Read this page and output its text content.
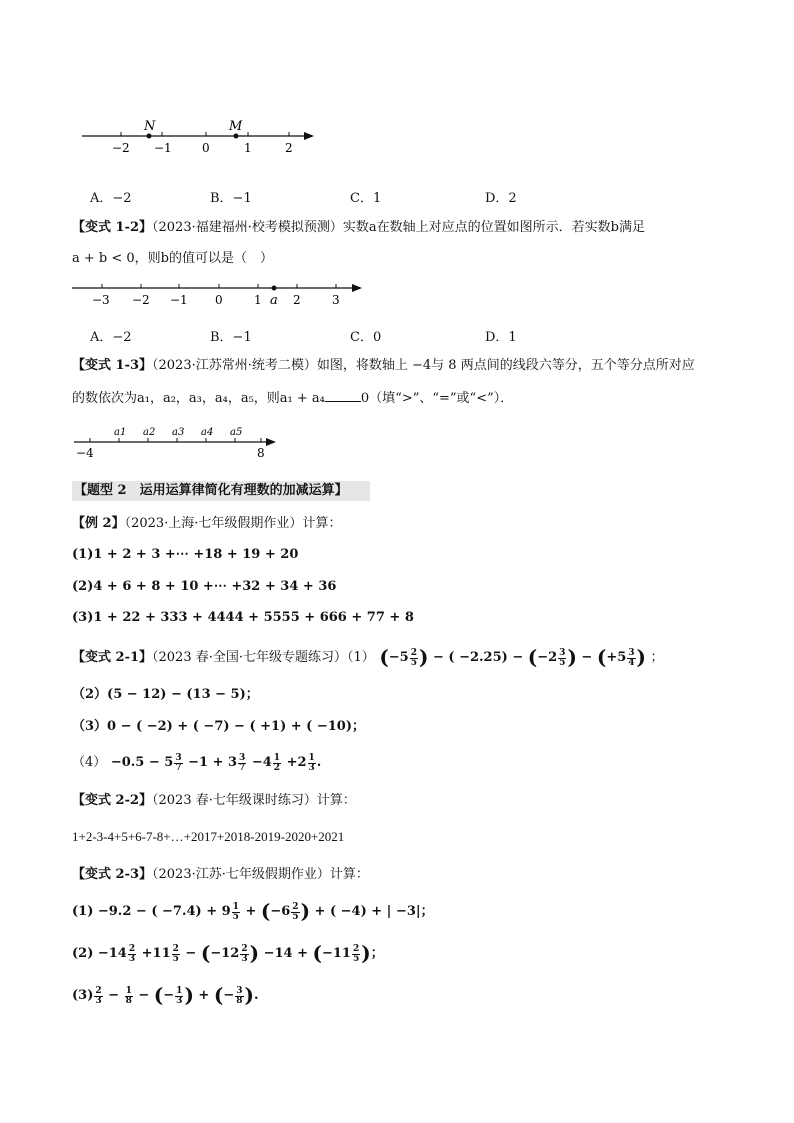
N	M
−2 −1	0	1	2
A．−2	B．−1	C．1	D．2
【变式 1-2】（2023·福建福州·校考模拟预测）实数a在数轴上对应点的位置如图所示．若实数b满足
a + b < 0，则b的值可以是（　）
−3 −2 −1 0	1 a 2	3
A．−2	B．−1	C．0	D．1
【变式 1-3】（2023·江苏常州·统考二模）如图，将数轴上 −4与 8 两点间的线段六等分，五个等分点所对应
的数依次为a₁，a₂，a₃，a₄，a₅，则a₁ + a₄	0（填“>”、“=”或“<”）．
a1 a2 a3 a4 a5
−4	8
【题型 2　运用运算律简化有理数的加减运算】
【例 2】（2023·上海·七年级假期作业）计算：
(1)1 + 2 + 3 +⋯ +18 + 19 + 20
(2)4 + 6 + 8 + 10 +⋯ +32 + 34 + 36
(3)1 + 22 + 333 + 4444 + 5555 + 666 + 77 + 8
【变式 2-1】（2023 春·全国·七年级专题练习）（1） ($-5 \frac{2}{5}$ ) − ( $-2.25) - (-2 \frac{3}{5}$ ) − ($+5 \frac{3}{4}$ ) ；
（2）(5 − 12) − (13 − 5)；
（3）0 − ( −2) + ( −7) − ( +1) + ( −10)；
$(4) -0.5 - 5 \frac{3}{7} -1 + 3 \frac{3}{7} -4 \frac{1}{2} +2 \frac{1}{3}$ .
【变式 2-2】（2023 春·七年级课时练习）计算：
1+2-3-4+5+6-7-8+…+2017+2018-2019-2020+2021
【变式 2-3】（2023·江苏·七年级假期作业）计算：
(1) −9.2 − ( $-7.4) + 9 \frac{1}{5} + (-6 \frac{2}{5}$ ) + ( −4) + | −3|；
$(2) -14 \frac{2}{3} +11 \frac{2}{5} - (-12 \frac{2}{3}$ ) $-14 + (-11 \frac{2}{5}$ )；
$(3) \frac{2}{3} - \frac{1}{8}$ − (− $\frac{1}{3}$ ) + (− $\frac{3}{8}$ ).
